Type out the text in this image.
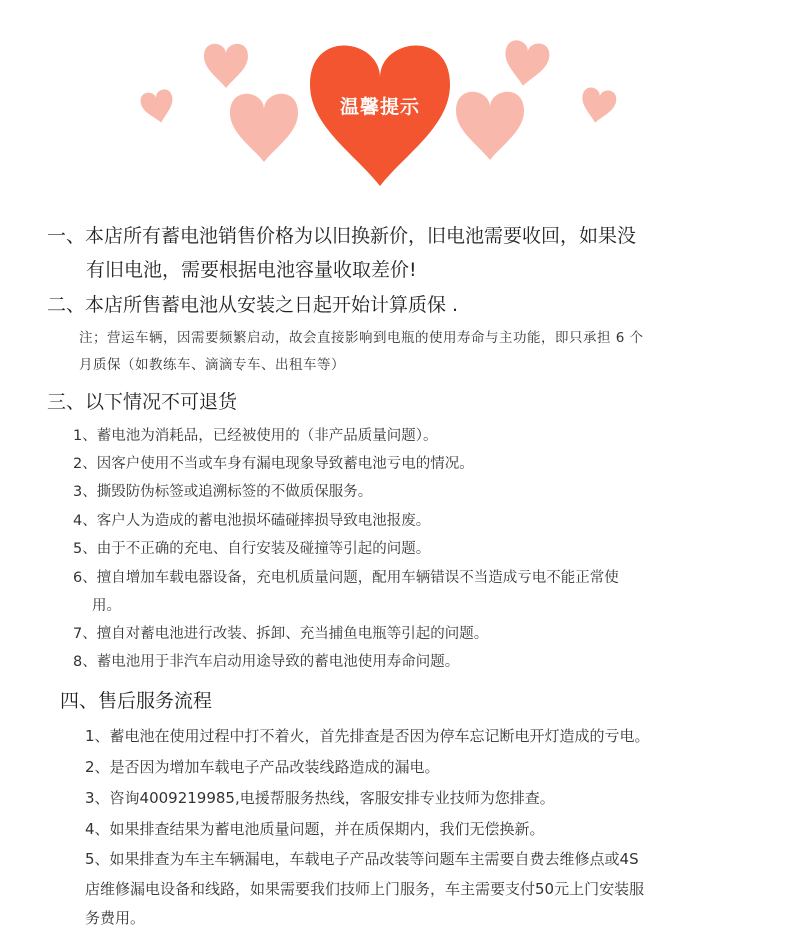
温馨提示
一、本店所有蓄电池销售价格为以旧换新价，旧电池需要收回，如果没
有旧电池，需要根据电池容量收取差价!
二、本店所售蓄电池从安装之日起开始计算质保 .
注；营运车辆，因需要频繁启动，故会直接影响到电瓶的使用寿命与主功能，即只承担 6 个
月质保（如教练车、滴滴专车、出租车等）
三、以下情况不可退货
1、蓄电池为消耗品，已经被使用的（非产品质量问题）。
2、因客户使用不当或车身有漏电现象导致蓄电池亏电的情况。
3、撕毁防伪标签或追溯标签的不做质保服务。
4、客户人为造成的蓄电池损坏磕碰摔损导致电池报废。
5、由于不正确的充电、自行安装及碰撞等引起的问题。
6、擅自增加车载电器设备，充电机质量问题，配用车辆错误不当造成亏电不能正常使
用。
7、擅自对蓄电池进行改装、拆卸、充当捕鱼电瓶等引起的问题。
8、蓄电池用于非汽车启动用途导致的蓄电池使用寿命问题。
四、售后服务流程
1、蓄电池在使用过程中打不着火，首先排查是否因为停车忘记断电开灯造成的亏电。
2、是否因为增加车载电子产品改装线路造成的漏电。
3、咨询4009219985,电援帮服务热线，客服安排专业技师为您排查。
4、如果排查结果为蓄电池质量问题，并在质保期内，我们无偿换新。
5、如果排查为车主车辆漏电，车载电子产品改装等问题车主需要自费去维修点或4S
店维修漏电设备和线路，如果需要我们技师上门服务，车主需要支付50元上门安装服
务费用。
